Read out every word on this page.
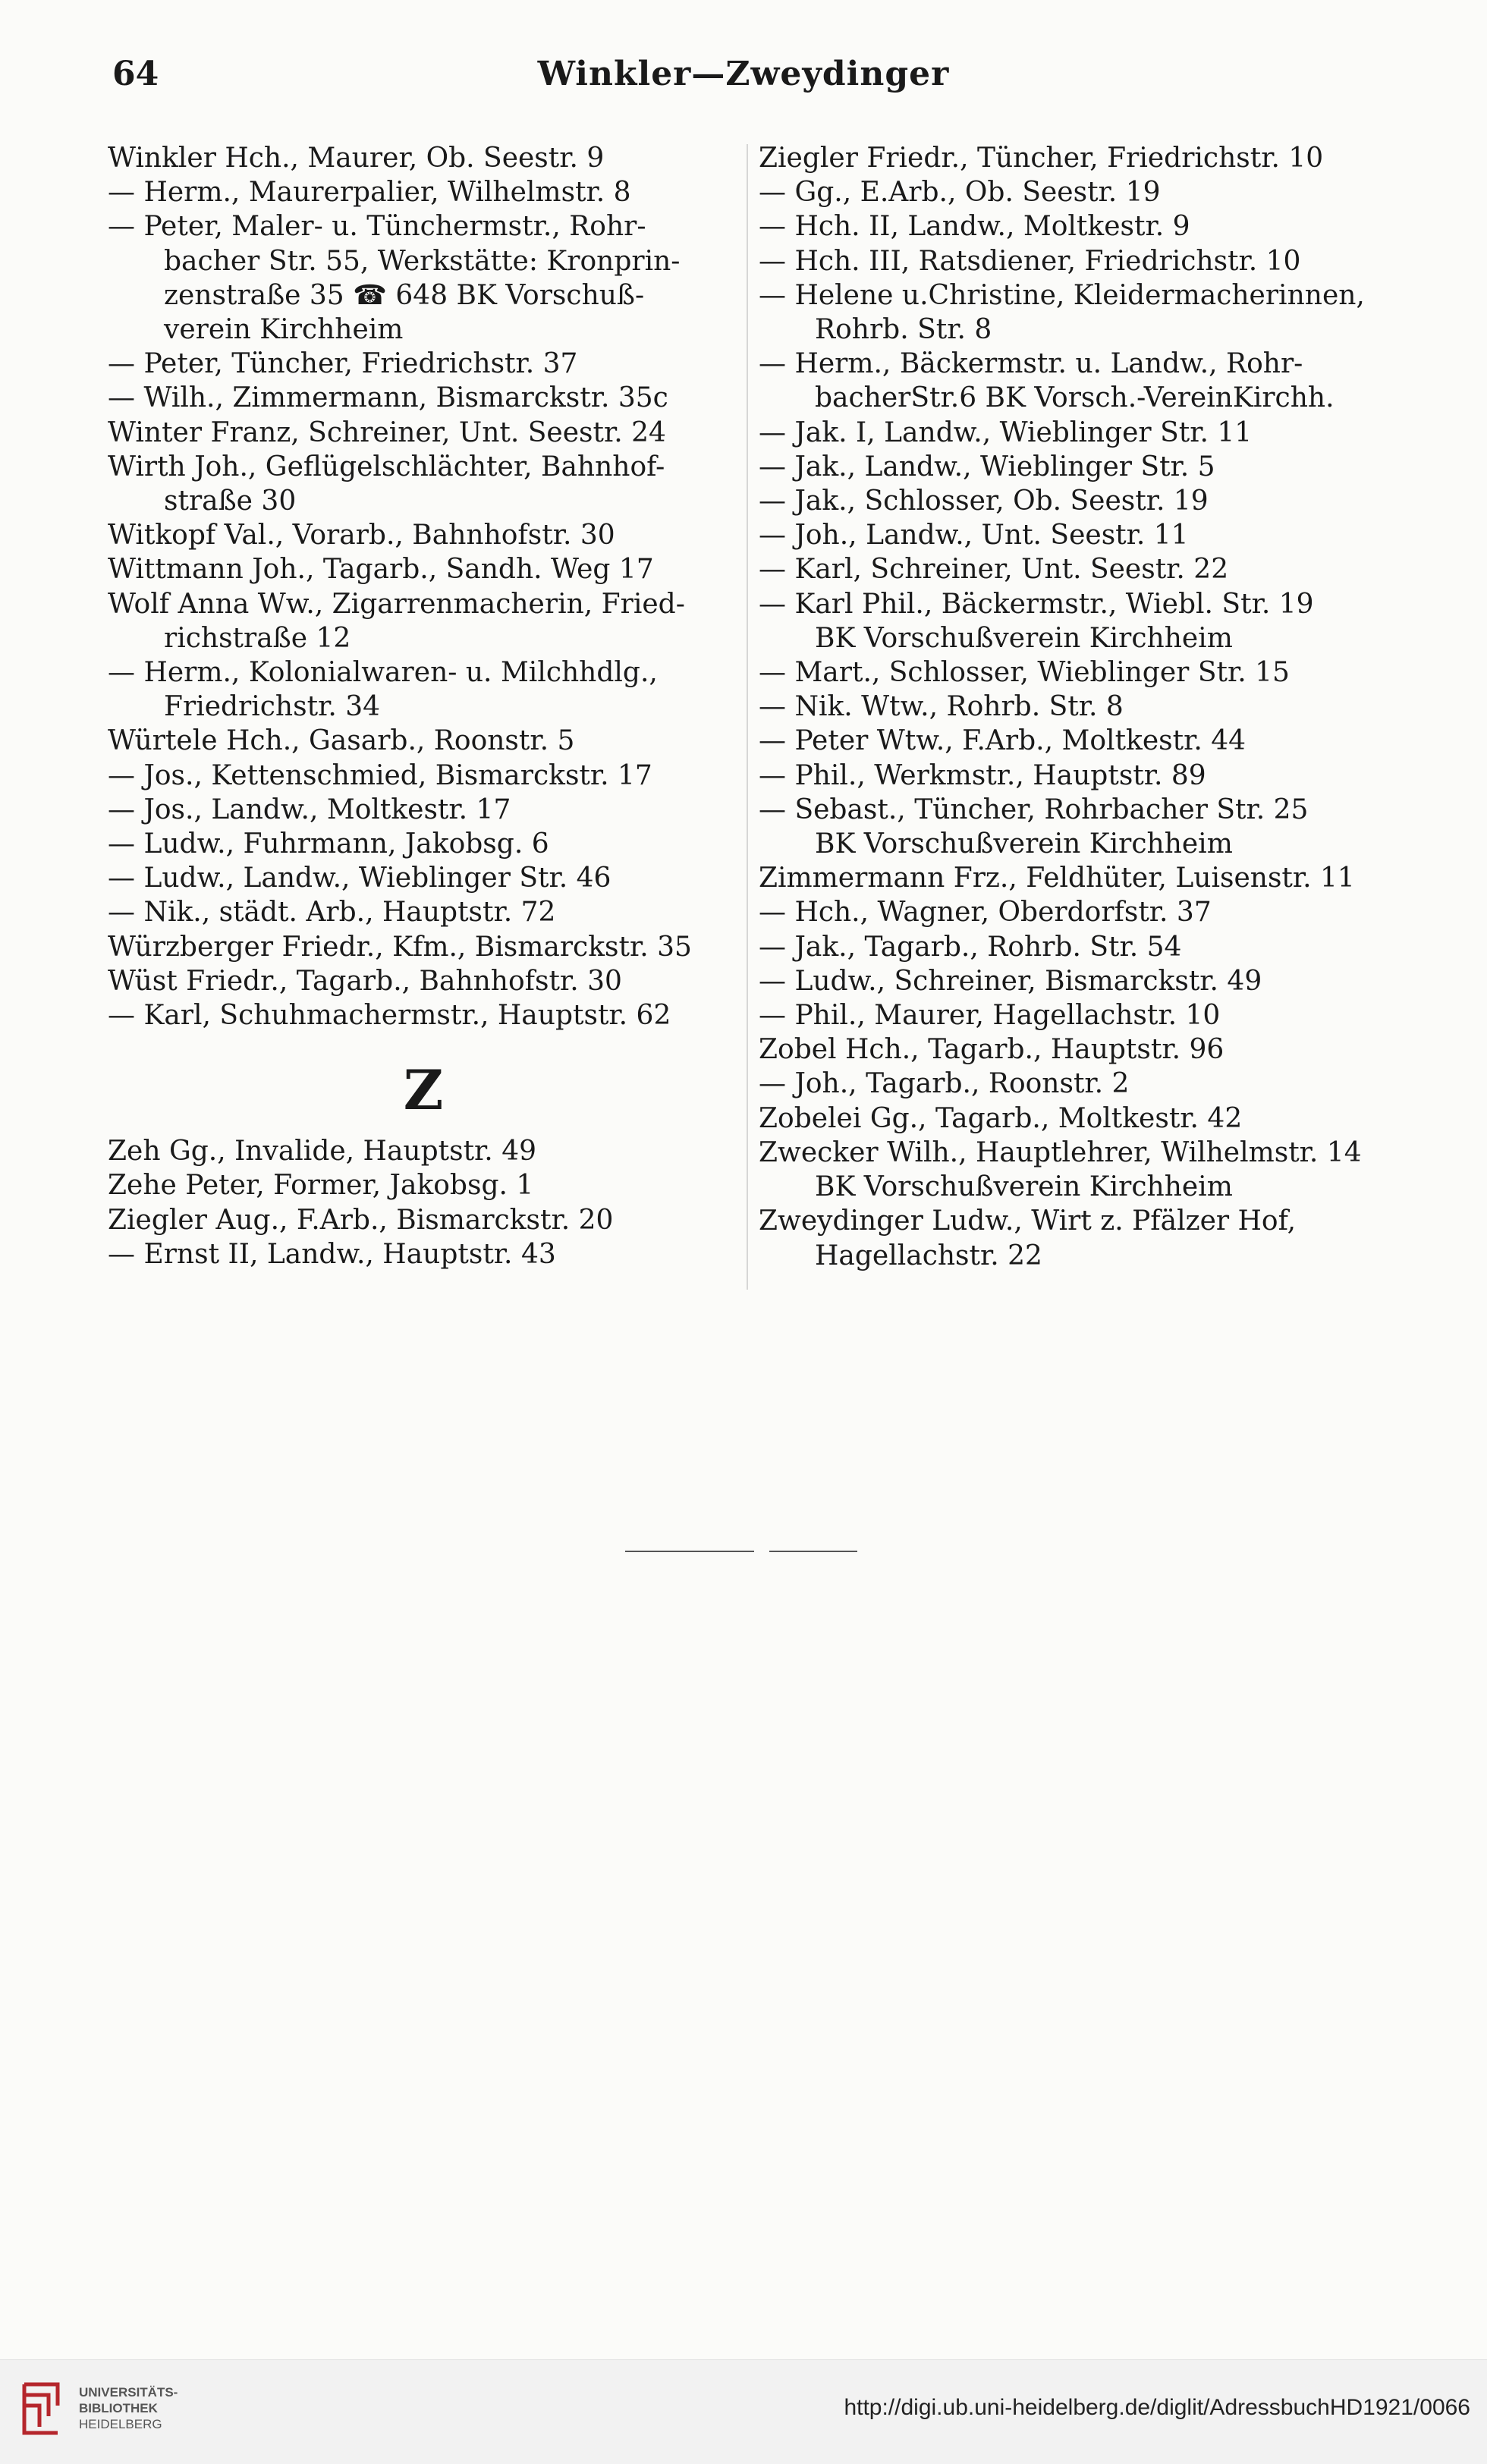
64	Winkler—Zweydinger
Winkler Hch., Maurer, Ob. Seestr. 9
— Herm., Maurerpalier, Wilhelmstr. 8
— Peter, Maler- u. Tünchermstr., Rohr-
bacher Str. 55, Werkstätte: Kronprin-
zenstraße 35 ☎ 648 BK Vorschuß-
verein Kirchheim
— Peter, Tüncher, Friedrichstr. 37
— Wilh., Zimmermann, Bismarckstr. 35c
Winter Franz, Schreiner, Unt. Seestr. 24
Wirth Joh., Geflügelschlächter, Bahnhof-
straße 30
Witkopf Val., Vorarb., Bahnhofstr. 30
Wittmann Joh., Tagarb., Sandh. Weg 17
Wolf Anna Ww., Zigarrenmacherin, Fried-
richstraße 12
— Herm., Kolonialwaren- u. Milchhdlg.,
Friedrichstr. 34
Würtele Hch., Gasarb., Roonstr. 5
— Jos., Kettenschmied, Bismarckstr. 17
— Jos., Landw., Moltkestr. 17
— Ludw., Fuhrmann, Jakobsg. 6
— Ludw., Landw., Wieblinger Str. 46
— Nik., städt. Arb., Hauptstr. 72
Würzberger Friedr., Kfm., Bismarckstr. 35
Wüst Friedr., Tagarb., Bahnhofstr. 30
— Karl, Schuhmachermstr., Hauptstr. 62
Z
Zeh Gg., Invalide, Hauptstr. 49
Zehe Peter, Former, Jakobsg. 1
Ziegler Aug., F.Arb., Bismarckstr. 20
— Ernst II, Landw., Hauptstr. 43
Ziegler Friedr., Tüncher, Friedrichstr. 10
— Gg., E.Arb., Ob. Seestr. 19
— Hch. II, Landw., Moltkestr. 9
— Hch. III, Ratsdiener, Friedrichstr. 10
— Helene u.Christine, Kleidermacherinnen,
Rohrb. Str. 8
— Herm., Bäckermstr. u. Landw., Rohr-
bacherStr.6 BK Vorsch.-VereinKirchh.
— Jak. I, Landw., Wieblinger Str. 11
— Jak., Landw., Wieblinger Str. 5
— Jak., Schlosser, Ob. Seestr. 19
— Joh., Landw., Unt. Seestr. 11
— Karl, Schreiner, Unt. Seestr. 22
— Karl Phil., Bäckermstr., Wiebl. Str. 19
BK Vorschußverein Kirchheim
— Mart., Schlosser, Wieblinger Str. 15
— Nik. Wtw., Rohrb. Str. 8
— Peter Wtw., F.Arb., Moltkestr. 44
— Phil., Werkmstr., Hauptstr. 89
— Sebast., Tüncher, Rohrbacher Str. 25
BK Vorschußverein Kirchheim
Zimmermann Frz., Feldhüter, Luisenstr. 11
— Hch., Wagner, Oberdorfstr. 37
— Jak., Tagarb., Rohrb. Str. 54
— Ludw., Schreiner, Bismarckstr. 49
— Phil., Maurer, Hagellachstr. 10
Zobel Hch., Tagarb., Hauptstr. 96
— Joh., Tagarb., Roonstr. 2
Zobelei Gg., Tagarb., Moltkestr. 42
Zwecker Wilh., Hauptlehrer, Wilhelmstr. 14
BK Vorschußverein Kirchheim
Zweydinger Ludw., Wirt z. Pfälzer Hof,
Hagellachstr. 22
UNIVERSITÄTS-
BIBLIOTHEK
HEIDELBERG
http://digi.ub.uni-heidelberg.de/diglit/AdressbuchHD1921/0066
